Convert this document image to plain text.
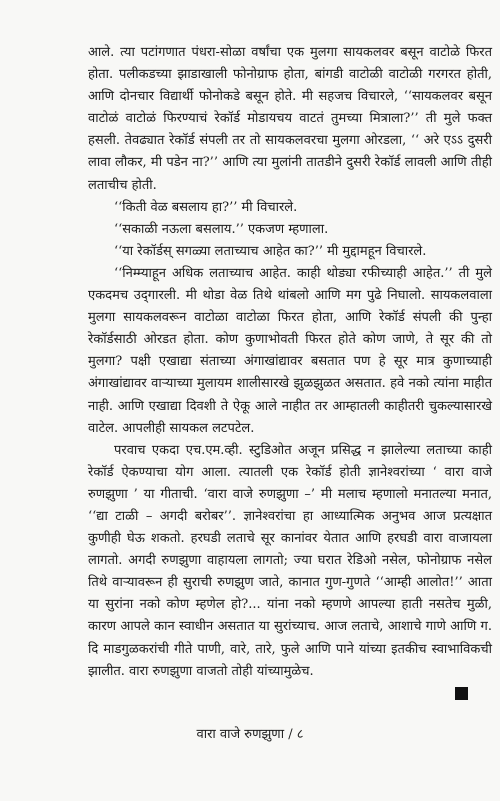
आले. त्या पटांगणात पंधरा-सोळा वर्षांचा एक मुलगा सायकलवर बसून वाटोळे फिरत होता. पलीकडच्या झाडाखाली फोनोग्राफ होता, बांगडी वाटोळी वाटोळी गरगरत होती, आणि दोनचार विद्यार्थी फोनोकडे बसून होते. मी सहजच विचारले, ‘‘सायकलवर बसून वाटोळं वाटोळं फिरण्याचं रेकॉर्ड मोडायचय वाटतं तुमच्या मित्राला?’’ ती मुले फक्त हसली. तेवढ्यात रेकॉर्ड संपली तर तो सायकलवरचा मुलगा ओरडला, ‘‘ अरे एऽऽ दुसरी लावा लौकर, मी पडेन ना?’’ आणि त्या मुलांनी तातडीने दुसरी रेकॉर्ड लावली आणि तीही लताचीच होती.

‘‘किती वेळ बसलाय हा?’’ मी विचारले.

‘‘सकाळी नऊला बसलाय.’’ एकजण म्हणाला.

‘‘या रेकॉर्डस् सगळ्या लताच्याच आहेत का?’’ मी मुद्दामहून विचारले.

‘‘निम्म्याहून अधिक लताच्याच आहेत. काही थोड्या रफीच्याही आहेत.’’ ती मुले एकदमच उद्‌गारली. मी थोडा वेळ तिथे थांबलो आणि मग पुढे निघालो. सायकलवाला मुलगा सायकलवरून वाटोळा वाटोळा फिरत होता, आणि रेकॉर्ड संपली की पुन्हा रेकॉर्डसाठी ओरडत होता. कोण कुणाभोवती फिरत होते कोण जाणे, ते सूर की तो मुलगा? पक्षी एखाद्या संताच्या अंगाखांद्यावर बसतात पण हे सूर मात्र कुणाच्याही अंगाखांद्यावर वाऱ्याच्या मुलायम शालीसारखे झुळझुळत असतात. हवे नको त्यांना माहीत नाही. आणि एखाद्या दिवशी ते ऐकू आले नाहीत तर आम्हातली काहीतरी चुकल्यासारखे वाटेल. आपलीही सायकल लटपटेल.

परवाच एकदा एच.एम.व्ही. स्टुडिओत अजून प्रसिद्ध न झालेल्या लताच्या काही रेकॉर्ड ऐकण्याचा योग आला. त्यातली एक रेकॉर्ड होती ज्ञानेश्वरांच्या ‘ वारा वाजे रुणझुणा ’ या गीताची. ‘वारा वाजे रुणझुणा –’ मी मलाच म्हणालो मनातल्या मनात, ‘‘द्या टाळी – अगदी बरोबर’’. ज्ञानेश्वरांचा हा आध्यात्मिक अनुभव आज प्रत्यक्षात कुणीही घेऊ शकतो. हरघडी लताचे सूर कानांवर येतात आणि हरघडी वारा वाजायला लागतो. अगदी रुणझुणा वाहायला लागतो; ज्या घरात रेडिओ नसेल, फोनोग्राफ नसेल तिथे वाऱ्यावरून ही सुराची रुणझुण जाते, कानात गुण-गुणते ‘‘आम्ही आलोत!’’ आता या सुरांना नको कोण म्हणेल हो?... यांना नको म्हणणे आपल्या हाती नसतेच मुळी, कारण आपले कान स्वाधीन असतात या सुरांच्याच. आज लताचे, आशाचे गाणे आणि ग. दि माडगुळकरांची गीते पाणी, वारे, तारे, फुले आणि पाने यांच्या इतकीच स्वाभाविकची झालीत. वारा रुणझुणा वाजतो तोही यांच्यामुळेच.

वारा वाजे रुणझुणा / ८
